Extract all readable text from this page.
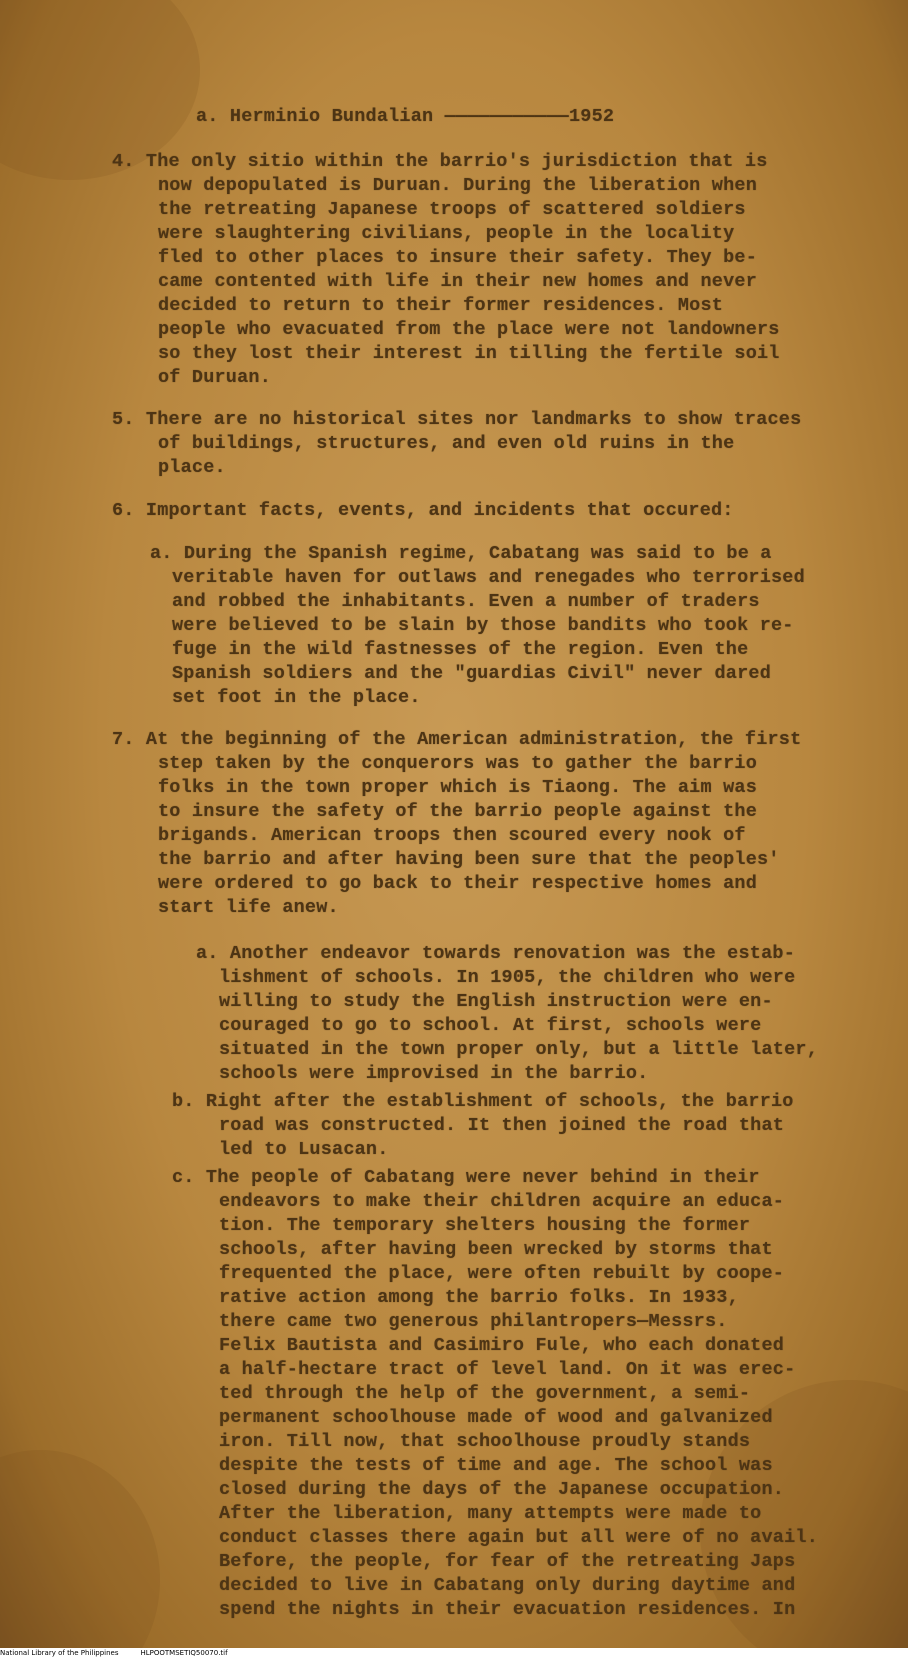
a. Herminio Bundalian ———————————1952
4. The only sitio within the barrio's jurisdiction that is
now depopulated is Duruan. During the liberation when
the retreating Japanese troops of scattered soldiers
were slaughtering civilians, people in the locality
fled to other places to insure their safety. They be-
came contented with life in their new homes and never
decided to return to their former residences. Most
people who evacuated from the place were not landowners
so they lost their interest in tilling the fertile soil
of Duruan.
5. There are no historical sites nor landmarks to show traces
of buildings, structures, and even old ruins in the
place.
6. Important facts, events, and incidents that occured:
a. During the Spanish regime, Cabatang was said to be a
veritable haven for outlaws and renegades who terrorised
and robbed the inhabitants. Even a number of traders
were believed to be slain by those bandits who took re-
fuge in the wild fastnesses of the region. Even the
Spanish soldiers and the "guardias Civil" never dared
set foot in the place.
7. At the beginning of the American administration, the first
step taken by the conquerors was to gather the barrio
folks in the town proper which is Tiaong. The aim was
to insure the safety of the barrio people against the
brigands. American troops then scoured every nook of
the barrio and after having been sure that the peoples'
were ordered to go back to their respective homes and
start life anew.
a. Another endeavor towards renovation was the estab-
lishment of schools. In 1905, the children who were
willing to study the English instruction were en-
couraged to go to school. At first, schools were
situated in the town proper only, but a little later,
schools were improvised in the barrio.
b. Right after the establishment of schools, the barrio
road was constructed. It then joined the road that
led to Lusacan.
c. The people of Cabatang were never behind in their
endeavors to make their children acquire an educa-
tion. The temporary shelters housing the former
schools, after having been wrecked by storms that
frequented the place, were often rebuilt by coope-
rative action among the barrio folks. In 1933,
there came two generous philantropers—Messrs.
Felix Bautista and Casimiro Fule, who each donated
a half-hectare tract of level land. On it was erec-
ted through the help of the government, a semi-
permanent schoolhouse made of wood and galvanized
iron. Till now, that schoolhouse proudly stands
despite the tests of time and age. The school was
closed during the days of the Japanese occupation.
After the liberation, many attempts were made to
conduct classes there again but all were of no avail.
Before, the people, for fear of the retreating Japs
decided to live in Cabatang only during daytime and
spend the nights in their evacuation residences. In
National Library of the Philippines	HLPOOTMSETIQ50070.tif
